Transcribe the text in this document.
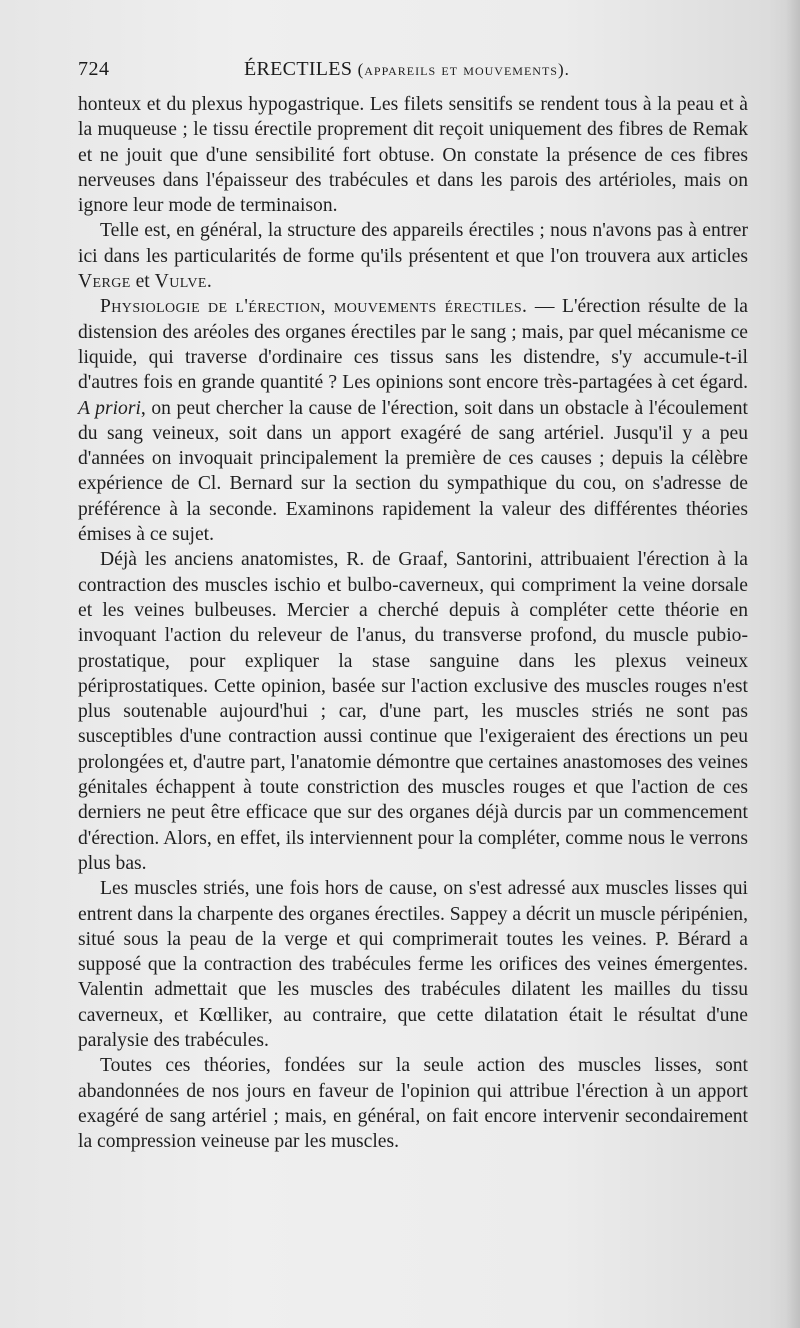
724	ÉRECTILES (appareils et mouvements).

honteux et du plexus hypogastrique. Les filets sensitifs se rendent tous à la peau et à la muqueuse ; le tissu érectile proprement dit reçoit uniquement des fibres de Remak et ne jouit que d'une sensibilité fort obtuse. On constate la présence de ces fibres nerveuses dans l'épaisseur des trabécules et dans les parois des artérioles, mais on ignore leur mode de terminaison.

Telle est, en général, la structure des appareils érectiles ; nous n'avons pas à entrer ici dans les particularités de forme qu'ils présentent et que l'on trouvera aux articles Verge et Vulve.

Physiologie de l'érection, mouvements érectiles. — L'érection résulte de la distension des aréoles des organes érectiles par le sang ; mais, par quel mécanisme ce liquide, qui traverse d'ordinaire ces tissus sans les distendre, s'y accumule-t-il d'autres fois en grande quantité ? Les opinions sont encore très-partagées à cet égard. A priori, on peut chercher la cause de l'érection, soit dans un obstacle à l'écoulement du sang veineux, soit dans un apport exagéré de sang artériel. Jusqu'il y a peu d'années on invoquait principalement la première de ces causes ; depuis la célèbre expérience de Cl. Bernard sur la section du sympathique du cou, on s'adresse de préférence à la seconde. Examinons rapidement la valeur des différentes théories émises à ce sujet.

Déjà les anciens anatomistes, R. de Graaf, Santorini, attribuaient l'érection à la contraction des muscles ischio et bulbo-caverneux, qui compriment la veine dorsale et les veines bulbeuses. Mercier a cherché depuis à compléter cette théorie en invoquant l'action du releveur de l'anus, du transverse profond, du muscle pubio-prostatique, pour expliquer la stase sanguine dans les plexus veineux périprostatiques. Cette opinion, basée sur l'action exclusive des muscles rouges n'est plus soutenable aujourd'hui ; car, d'une part, les muscles striés ne sont pas susceptibles d'une contraction aussi continue que l'exigeraient des érections un peu prolongées et, d'autre part, l'anatomie démontre que certaines anastomoses des veines génitales échappent à toute constriction des muscles rouges et que l'action de ces derniers ne peut être efficace que sur des organes déjà durcis par un commencement d'érection. Alors, en effet, ils interviennent pour la compléter, comme nous le verrons plus bas.

Les muscles striés, une fois hors de cause, on s'est adressé aux muscles lisses qui entrent dans la charpente des organes érectiles. Sappey a décrit un muscle péripénien, situé sous la peau de la verge et qui comprimerait toutes les veines. P. Bérard a supposé que la contraction des trabécules ferme les orifices des veines émergentes. Valentin admettait que les muscles des trabécules dilatent les mailles du tissu caverneux, et Kœlliker, au contraire, que cette dilatation était le résultat d'une paralysie des trabécules.

Toutes ces théories, fondées sur la seule action des muscles lisses, sont abandonnées de nos jours en faveur de l'opinion qui attribue l'érection à un apport exagéré de sang artériel ; mais, en général, on fait encore intervenir secondairement la compression veineuse par les muscles.
